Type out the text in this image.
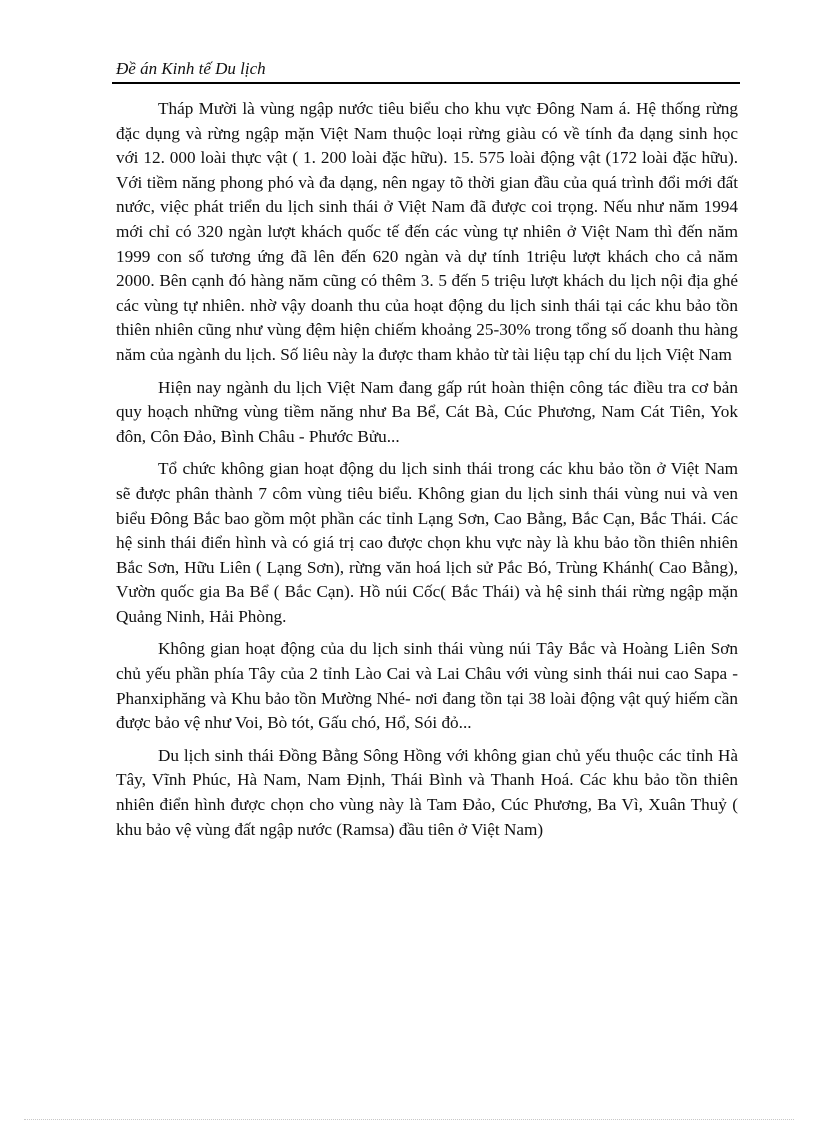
Đề án Kinh tế Du lịch

Tháp Mười là vùng ngập nước tiêu biểu cho khu vực Đông Nam á. Hệ thống rừng đặc dụng và rừng ngập mặn Việt Nam thuộc loại rừng giàu có về tính đa dạng sinh học với 12. 000 loài thực vật ( 1. 200 loài đặc hữu). 15. 575 loài động vật (172 loài đặc hữu). Với tiềm năng phong phó và đa dạng, nên ngay tõ thời gian đầu của quá trình đổi mới đất nước, việc phát triển du lịch sinh thái ở Việt Nam đã được coi trọng. Nếu như năm 1994 mới chỉ có 320 ngàn lượt khách quốc tế đến các vùng tự nhiên ở Việt Nam thì đến năm 1999 con số tương ứng đã lên đến 620 ngàn và dự tính 1triệu lượt khách cho cả năm 2000. Bên cạnh đó hàng năm cũng có thêm 3. 5 đến 5 triệu lượt khách du lịch nội địa ghé các vùng tự nhiên. nhờ vậy doanh thu của hoạt động du lịch sinh thái tại các khu bảo tồn thiên nhiên cũng như vùng đệm hiện chiếm khoảng 25-30% trong tổng số doanh thu hàng năm của ngành du lịch. Số liêu này la được tham khảo từ tài liệu tạp chí du lịch Việt Nam

Hiện nay ngành du lịch Việt Nam đang gấp rút hoàn thiện công tác điều tra cơ bản quy hoạch những vùng tiềm năng như Ba Bể, Cát Bà, Cúc Phương, Nam Cát Tiên, Yok đôn, Côn Đảo, Bình Châu - Phước Bửu...

Tổ chức không gian hoạt động du lịch sinh thái trong các khu bảo tồn ở Việt Nam sẽ được phân thành 7 côm vùng tiêu biểu. Không gian du lịch sinh thái vùng nui và ven biểu Đông Bắc bao gồm một phần các tỉnh Lạng Sơn, Cao Bằng, Bắc Cạn, Bắc Thái. Các hệ sinh thái điển hình và có giá trị cao được chọn khu vực này là khu bảo tồn thiên nhiên Bắc Sơn, Hữu Liên ( Lạng Sơn), rừng văn hoá lịch sử Pắc Bó, Trùng Khánh( Cao Bằng), Vườn quốc gia Ba Bể ( Bắc Cạn). Hồ núi Cốc( Bắc Thái) và hệ sinh thái rừng ngập mặn Quảng Ninh, Hải Phòng.

Không gian hoạt động của du lịch sinh thái vùng núi Tây Bắc và Hoàng Liên Sơn chủ yếu phần phía Tây của 2 tỉnh Lào Cai và Lai Châu với vùng sinh thái nui cao Sapa - Phanxiphăng và Khu bảo tồn Mường Nhé- nơi đang tồn tại 38 loài động vật quý hiếm cần được bảo vệ như Voi, Bò tót, Gấu chó, Hổ, Sói đỏ...

Du lịch sinh thái Đồng Bằng Sông Hồng với không gian chủ yếu thuộc các tỉnh Hà Tây, Vĩnh Phúc, Hà Nam, Nam Định, Thái Bình và Thanh Hoá. Các khu bảo tồn thiên nhiên điển hình được chọn cho vùng này là Tam Đảo, Cúc Phương, Ba Vì, Xuân Thuỷ ( khu bảo vệ vùng đất ngập nước (Ramsa) đầu tiên ở Việt Nam)
